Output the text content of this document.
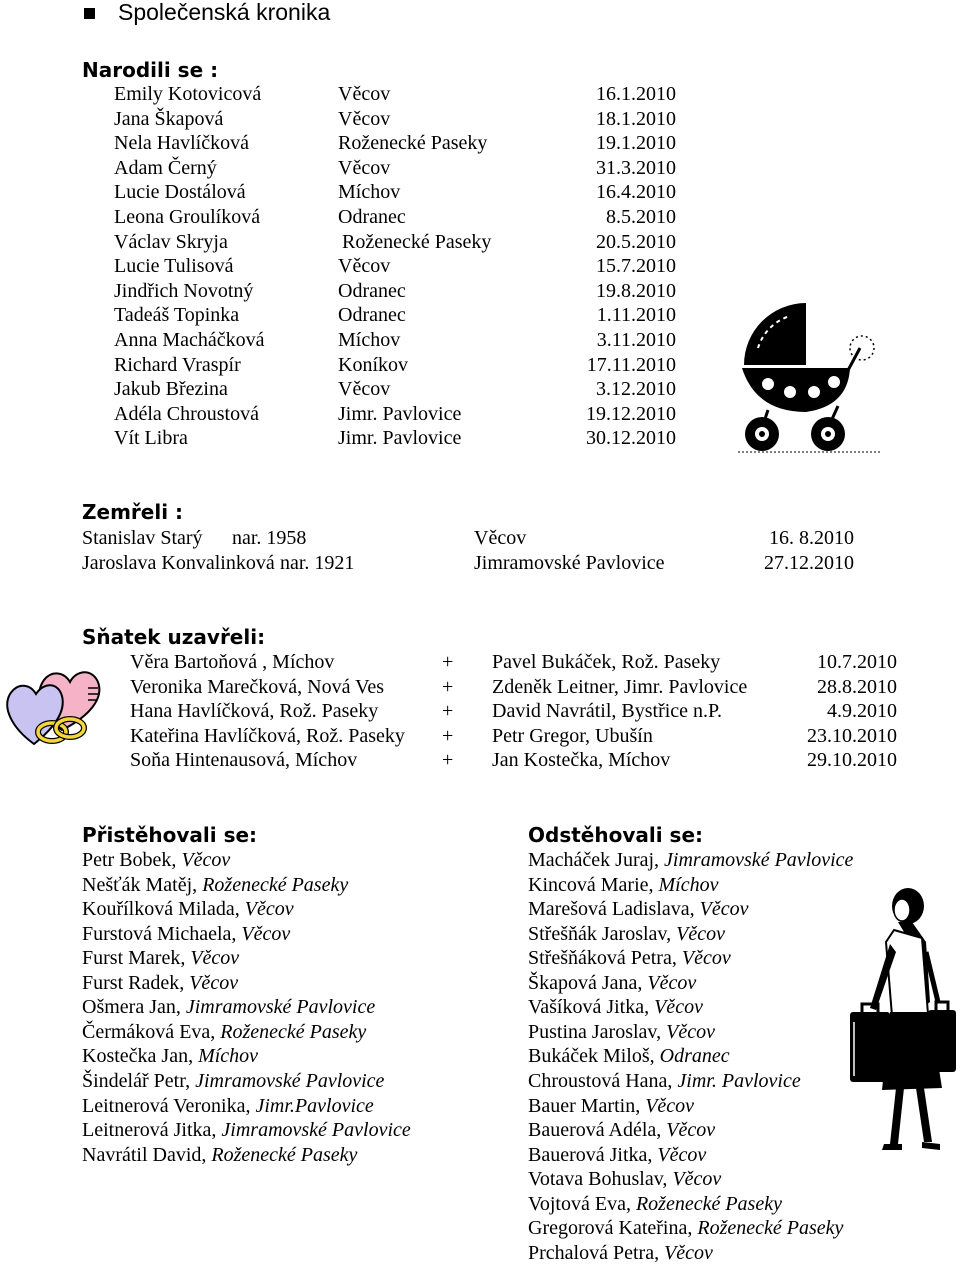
Společenská kronika
Narodili se :
Emily Kotovicová	Věcov	16.1.2010
Jana Škapová	Věcov	18.1.2010
Nela Havlíčková	Roženecké Paseky	19.1.2010
Adam Černý	Věcov	31.3.2010
Lucie Dostálová	Míchov	16.4.2010
Leona Groulíková	Odranec	8.5.2010
Václav Skryja	Roženecké Paseky	20.5.2010
Lucie Tulisová	Věcov	15.7.2010
Jindřich Novotný	Odranec	19.8.2010
Tadeáš Topinka	Odranec	1.11.2010
Anna Macháčková	Míchov	3.11.2010
Richard Vraspír	Koníkov	17.11.2010
Jakub Březina	Věcov	3.12.2010
Adéla Chroustová	Jimr. Pavlovice	19.12.2010
Vít Libra	Jimr. Pavlovice	30.12.2010
Zemřeli :
Stanislav Starý nar. 1958	Věcov	16. 8.2010
Jaroslava Konvalinková nar. 1921	Jimramovské Pavlovice	27.12.2010
Sňatek uzavřeli:
Věra Bartoňová , Míchov	+ Pavel Bukáček, Rož. Paseky	10.7.2010
Veronika Marečková, Nová Ves	+ Zdeněk Leitner, Jimr. Pavlovice	28.8.2010
Hana Havlíčková, Rož. Paseky	+ David Navrátil, Bystřice n.P.	4.9.2010
Kateřina Havlíčková, Rož. Paseky + Petr Gregor, Ubušín	23.10.2010
Soňa Hintenausová, Míchov	+ Jan Kostečka, Míchov	29.10.2010
Přistěhovali se:	Odstěhovali se:
Petr Bobek, Věcov
Nešťák Matěj, Roženecké Paseky
Kouřílková Milada, Věcov
Furstová Michaela, Věcov
Furst Marek, Věcov
Furst Radek, Věcov
Ošmera Jan, Jimramovské Pavlovice
Čermáková Eva, Roženecké Paseky
Kostečka Jan, Míchov
Šindelář Petr, Jimramovské Pavlovice
Leitnerová Veronika, Jimr.Pavlovice
Leitnerová Jitka, Jimramovské Pavlovice
Navrátil David, Roženecké Paseky
Macháček Juraj, Jimramovské Pavlovice
Kincová Marie, Míchov
Marešová Ladislava, Věcov
Střešňák Jaroslav, Věcov
Střešňáková Petra, Věcov
Škapová Jana, Věcov
Vašíková Jitka, Věcov
Pustina Jaroslav, Věcov
Bukáček Miloš, Odranec
Chroustová Hana, Jimr. Pavlovice
Bauer Martin, Věcov
Bauerová Adéla, Věcov
Bauerová Jitka, Věcov
Votava Bohuslav, Věcov
Vojtová Eva, Roženecké Paseky
Gregorová Kateřina, Roženecké Paseky
Prchalová Petra, Věcov
